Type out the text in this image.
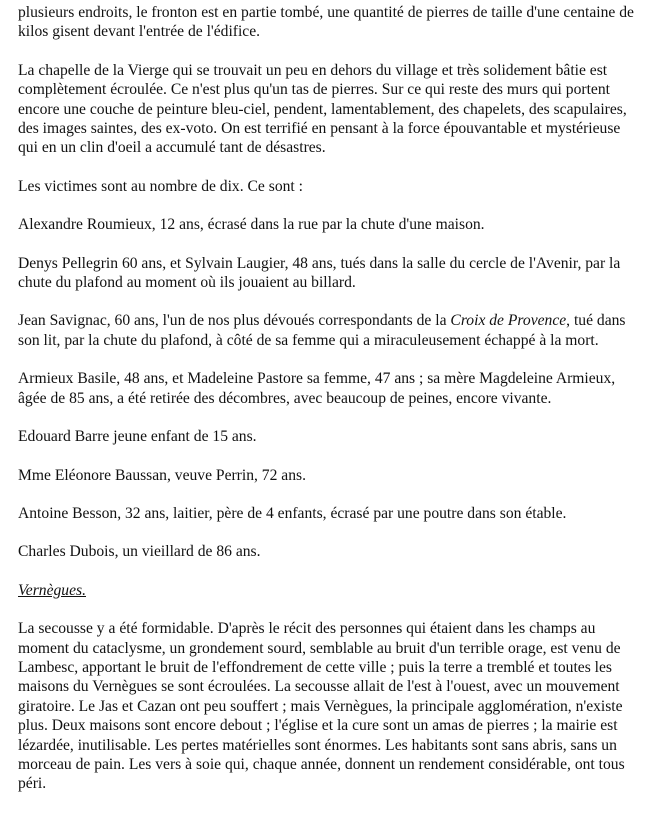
plusieurs endroits, le fronton est en partie tombé, une quantité de pierres de taille d'une centaine de kilos gisent devant l'entrée de l'édifice.

La chapelle de la Vierge qui se trouvait un peu en dehors du village et très solidement bâtie est complètement écroulée. Ce n'est plus qu'un tas de pierres. Sur ce qui reste des murs qui portent encore une couche de peinture bleu-ciel, pendent, lamentablement, des chapelets, des scapulaires, des images saintes, des ex-voto. On est terrifié en pensant à la force épouvantable et mystérieuse qui en un clin d'oeil a accumulé tant de désastres.

Les victimes sont au nombre de dix. Ce sont :

Alexandre Roumieux, 12 ans, écrasé dans la rue par la chute d'une maison.

Denys Pellegrin 60 ans, et Sylvain Laugier, 48 ans, tués dans la salle du cercle de l'Avenir, par la chute du plafond au moment où ils jouaient au billard.

Jean Savignac, 60 ans, l'un de nos plus dévoués correspondants de la Croix de Provence, tué dans son lit, par la chute du plafond, à côté de sa femme qui a miraculeusement échappé à la mort.

Armieux Basile, 48 ans, et Madeleine Pastore sa femme, 47 ans ; sa mère Magdeleine Armieux, âgée de 85 ans, a été retirée des décombres, avec beaucoup de peines, encore vivante.

Edouard Barre jeune enfant de 15 ans.

Mme Eléonore Baussan, veuve Perrin, 72 ans.

Antoine Besson, 32 ans, laitier, père de 4 enfants, écrasé par une poutre dans son étable.

Charles Dubois, un vieillard de 86 ans.

Vernègues.

La secousse y a été formidable. D'après le récit des personnes qui étaient dans les champs au moment du cataclysme, un grondement sourd, semblable au bruit d'un terrible orage, est venu de Lambesc, apportant le bruit de l'effondrement de cette ville ; puis la terre a tremblé et toutes les maisons du Vernègues se sont écroulées. La secousse allait de l'est à l'ouest, avec un mouvement giratoire. Le Jas et Cazan ont peu souffert ; mais Vernègues, la principale agglomération, n'existe plus. Deux maisons sont encore debout ; l'église et la cure sont un amas de pierres ; la mairie est lézardée, inutilisable. Les pertes matérielles sont énormes. Les habitants sont sans abris, sans un morceau de pain. Les vers à soie qui, chaque année, donnent un rendement considérable, ont tous péri.
